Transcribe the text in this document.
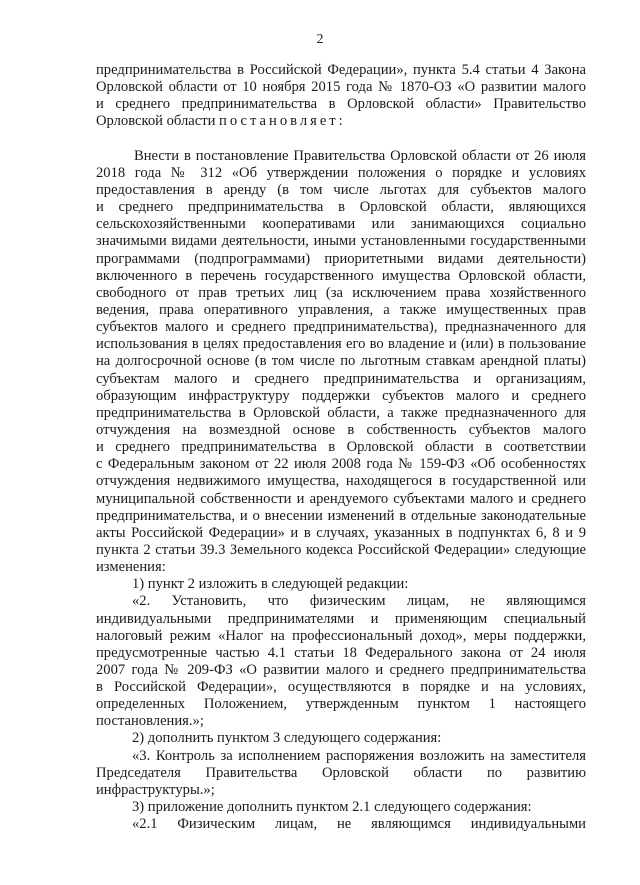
2
предпринимательства в Российской Федерации», пункта 5.4 статьи 4 Закона
Орловской области от 10 ноября 2015 года № 1870-ОЗ «О развитии малого
и среднего предпринимательства в Орловской области» Правительство
Орловской области постановляет:
Внести в постановление Правительства Орловской области от 26 июля
2018 года № 312 «Об утверждении положения о порядке и условиях
предоставления в аренду (в том числе льготах для субъектов малого
и среднего предпринимательства в Орловской области, являющихся
сельскохозяйственными кооперативами или занимающихся социально
значимыми видами деятельности, иными установленными государственными
программами (подпрограммами) приоритетными видами деятельности)
включенного в перечень государственного имущества Орловской области,
свободного от прав третьих лиц (за исключением права хозяйственного
ведения, права оперативного управления, а также имущественных прав
субъектов малого и среднего предпринимательства), предназначенного для
использования в целях предоставления его во владение и (или) в пользование
на долгосрочной основе (в том числе по льготным ставкам арендной платы)
субъектам малого и среднего предпринимательства и организациям,
образующим инфраструктуру поддержки субъектов малого и среднего
предпринимательства в Орловской области, а также предназначенного для
отчуждения на возмездной основе в собственность субъектов малого
и среднего предпринимательства в Орловской области в соответствии
с Федеральным законом от 22 июля 2008 года № 159-ФЗ «Об особенностях
отчуждения недвижимого имущества, находящегося в государственной или
муниципальной собственности и арендуемого субъектами малого и среднего
предпринимательства, и о внесении изменений в отдельные законодательные
акты Российской Федерации» и в случаях, указанных в подпунктах 6, 8 и 9
пункта 2 статьи 39.3 Земельного кодекса Российской Федерации» следующие
изменения:
1) пункт 2 изложить в следующей редакции:
«2. Установить, что физическим лицам, не являющимся
индивидуальными предпринимателями и применяющим специальный
налоговый режим «Налог на профессиональный доход», меры поддержки,
предусмотренные частью 4.1 статьи 18 Федерального закона от 24 июля
2007 года № 209-ФЗ «О развитии малого и среднего предпринимательства
в Российской Федерации», осуществляются в порядке и на условиях,
определенных Положением, утвержденным пунктом 1 настоящего
постановления.»;
2) дополнить пунктом 3 следующего содержания:
«3. Контроль за исполнением распоряжения возложить на заместителя
Председателя Правительства Орловской области по развитию
инфраструктуры.»;
3) приложение дополнить пунктом 2.1 следующего содержания:
«2.1 Физическим лицам, не являющимся индивидуальными
